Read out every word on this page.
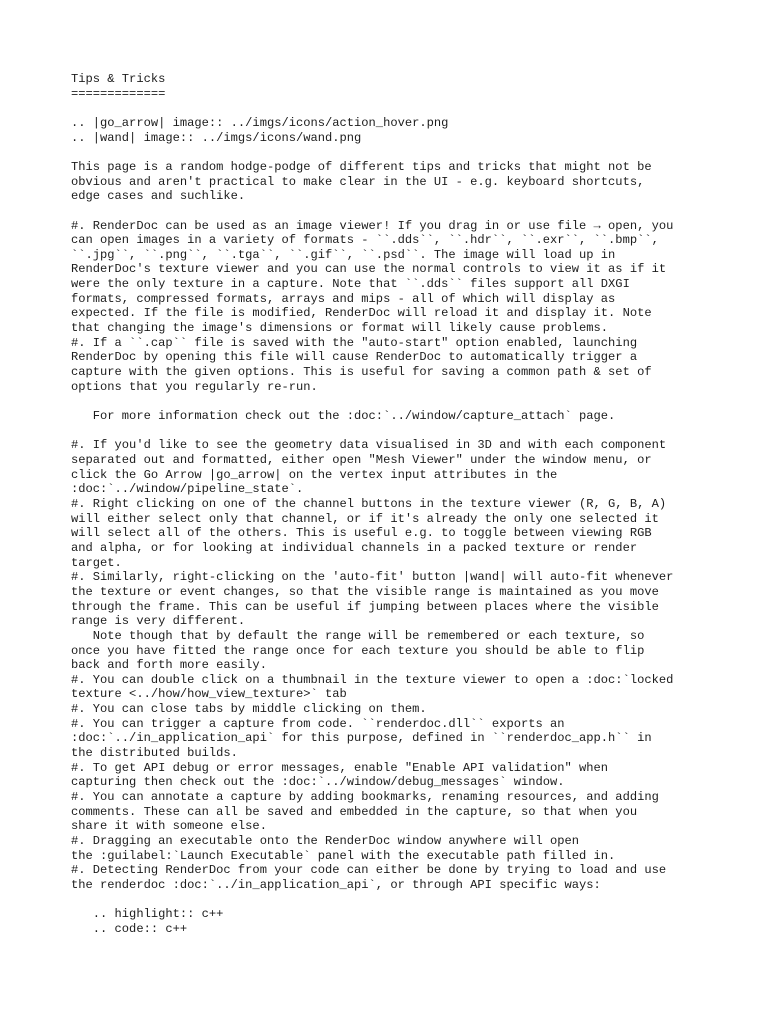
Tips & Tricks
=============
.. |go_arrow| image:: ../imgs/icons/action_hover.png
.. |wand| image:: ../imgs/icons/wand.png
This page is a random hodge-podge of different tips and tricks that might not be
obvious and aren't practical to make clear in the UI - e.g. keyboard shortcuts,
edge cases and suchlike.
#. RenderDoc can be used as an image viewer! If you drag in or use file → open, you
can open images in a variety of formats - ``.dds``, ``.hdr``, ``.exr``, ``.bmp``,
``.jpg``, ``.png``, ``.tga``, ``.gif``, ``.psd``. The image will load up in
RenderDoc's texture viewer and you can use the normal controls to view it as if it
were the only texture in a capture. Note that ``.dds`` files support all DXGI
formats, compressed formats, arrays and mips - all of which will display as
expected. If the file is modified, RenderDoc will reload it and display it. Note
that changing the image's dimensions or format will likely cause problems.
#. If a ``.cap`` file is saved with the "auto-start" option enabled, launching
RenderDoc by opening this file will cause RenderDoc to automatically trigger a
capture with the given options. This is useful for saving a common path & set of
options that you regularly re-run.
For more information check out the :doc:`../window/capture_attach` page.
#. If you'd like to see the geometry data visualised in 3D and with each component
separated out and formatted, either open "Mesh Viewer" under the window menu, or
click the Go Arrow |go_arrow| on the vertex input attributes in the
:doc:`../window/pipeline_state`.
#. Right clicking on one of the channel buttons in the texture viewer (R, G, B, A)
will either select only that channel, or if it's already the only one selected it
will select all of the others. This is useful e.g. to toggle between viewing RGB
and alpha, or for looking at individual channels in a packed texture or render
target.
#. Similarly, right-clicking on the 'auto-fit' button |wand| will auto-fit whenever
the texture or event changes, so that the visible range is maintained as you move
through the frame. This can be useful if jumping between places where the visible
range is very different.
Note though that by default the range will be remembered or each texture, so
once you have fitted the range once for each texture you should be able to flip
back and forth more easily.
#. You can double click on a thumbnail in the texture viewer to open a :doc:`locked
texture <../how/how_view_texture>` tab
#. You can close tabs by middle clicking on them.
#. You can trigger a capture from code. ``renderdoc.dll`` exports an
:doc:`../in_application_api` for this purpose, defined in ``renderdoc_app.h`` in
the distributed builds.
#. To get API debug or error messages, enable "Enable API validation" when
capturing then check out the :doc:`../window/debug_messages` window.
#. You can annotate a capture by adding bookmarks, renaming resources, and adding
comments. These can all be saved and embedded in the capture, so that when you
share it with someone else.
#. Dragging an executable onto the RenderDoc window anywhere will open
the :guilabel:`Launch Executable` panel with the executable path filled in.
#. Detecting RenderDoc from your code can either be done by trying to load and use
the renderdoc :doc:`../in_application_api`, or through API specific ways:
.. highlight:: c++
.. code:: c++
